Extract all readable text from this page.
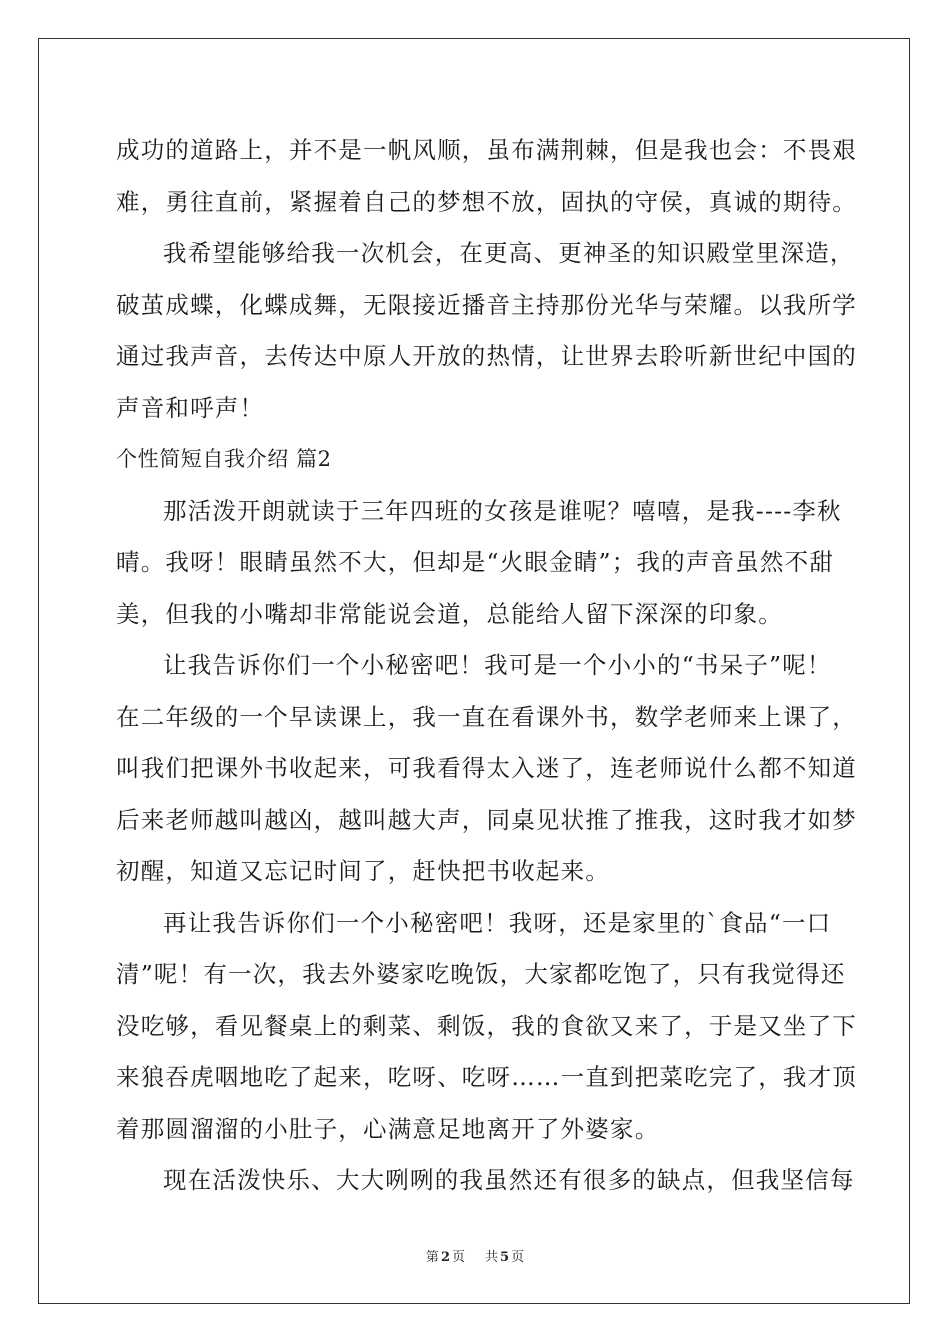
成功的道路上，并不是一帆风顺，虽布满荆棘，但是我也会：不畏艰
难，勇往直前，紧握着自己的梦想不放，固执的守侯，真诚的期待。
我希望能够给我一次机会，在更高、更神圣的知识殿堂里深造，
破茧成蝶，化蝶成舞，无限接近播音主持那份光华与荣耀。以我所学
通过我声音，去传达中原人开放的热情，让世界去聆听新世纪中国的
声音和呼声！
个性简短自我介绍 篇2
那活泼开朗就读于三年四班的女孩是谁呢？嘻嘻，是我----李秋
晴。我呀！眼睛虽然不大，但却是“火眼金睛”；我的声音虽然不甜
美，但我的小嘴却非常能说会道，总能给人留下深深的印象。
让我告诉你们一个小秘密吧！我可是一个小小的“书呆子”呢！
在二年级的一个早读课上，我一直在看课外书，数学老师来上课了，
叫我们把课外书收起来，可我看得太入迷了，连老师说什么都不知道
后来老师越叫越凶，越叫越大声，同桌见状推了推我，这时我才如梦
初醒，知道又忘记时间了，赶快把书收起来。
再让我告诉你们一个小秘密吧！我呀，还是家里的`食品“一口
清”呢！有一次，我去外婆家吃晚饭，大家都吃饱了，只有我觉得还
没吃够，看见餐桌上的剩菜、剩饭，我的食欲又来了，于是又坐了下
来狼吞虎咽地吃了起来，吃呀、吃呀……一直到把菜吃完了，我才顶
着那圆溜溜的小肚子，心满意足地离开了外婆家。
现在活泼快乐、大大咧咧的我虽然还有很多的缺点，但我坚信每
第 2 页 共 5 页
